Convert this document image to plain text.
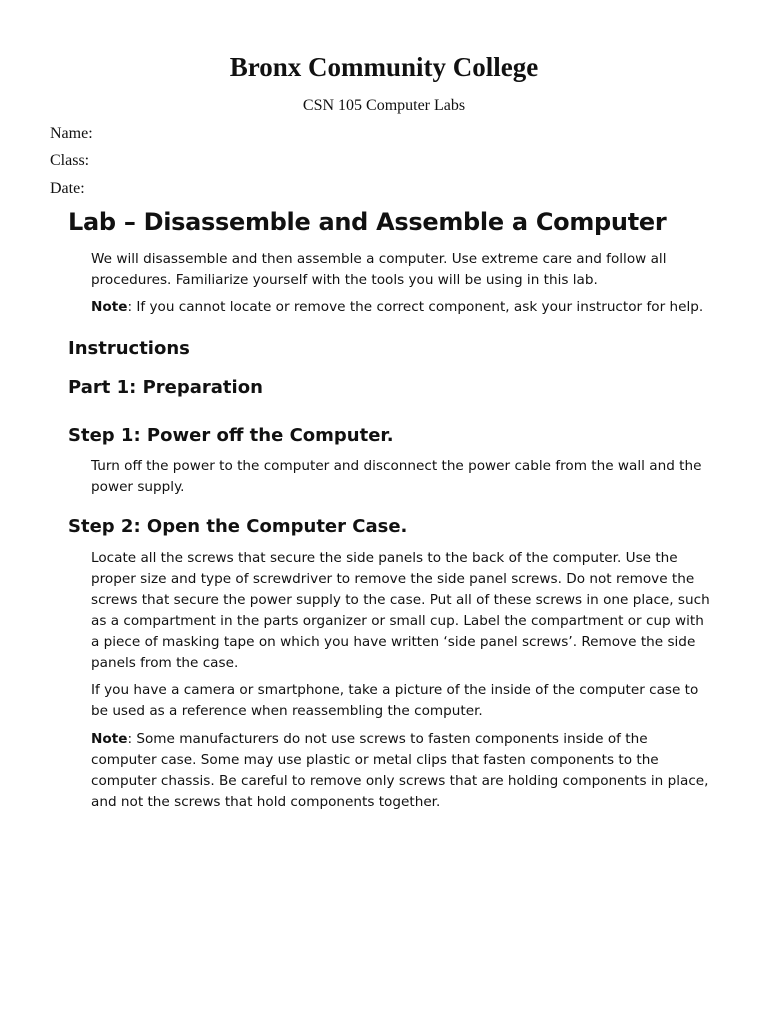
Bronx Community College

CSN 105 Computer Labs

Name:

Class:

Date:

Lab – Disassemble and Assemble a Computer

We will disassemble and then assemble a computer. Use extreme care and follow all procedures. Familiarize yourself with the tools you will be using in this lab.

Note: If you cannot locate or remove the correct component, ask your instructor for help.

Instructions
Part 1: Preparation
Step 1: Power off the Computer.

Turn off the power to the computer and disconnect the power cable from the wall and the power supply.

Step 2: Open the Computer Case.

Locate all the screws that secure the side panels to the back of the computer. Use the proper size and type of screwdriver to remove the side panel screws. Do not remove the screws that secure the power supply to the case. Put all of these screws in one place, such as a compartment in the parts organizer or small cup. Label the compartment or cup with a piece of masking tape on which you have written ‘side panel screws’. Remove the side panels from the case.

If you have a camera or smartphone, take a picture of the inside of the computer case to be used as a reference when reassembling the computer.

Note: Some manufacturers do not use screws to fasten components inside of the computer case. Some may use plastic or metal clips that fasten components to the computer chassis. Be careful to remove only screws that are holding components in place, and not the screws that hold components together.
